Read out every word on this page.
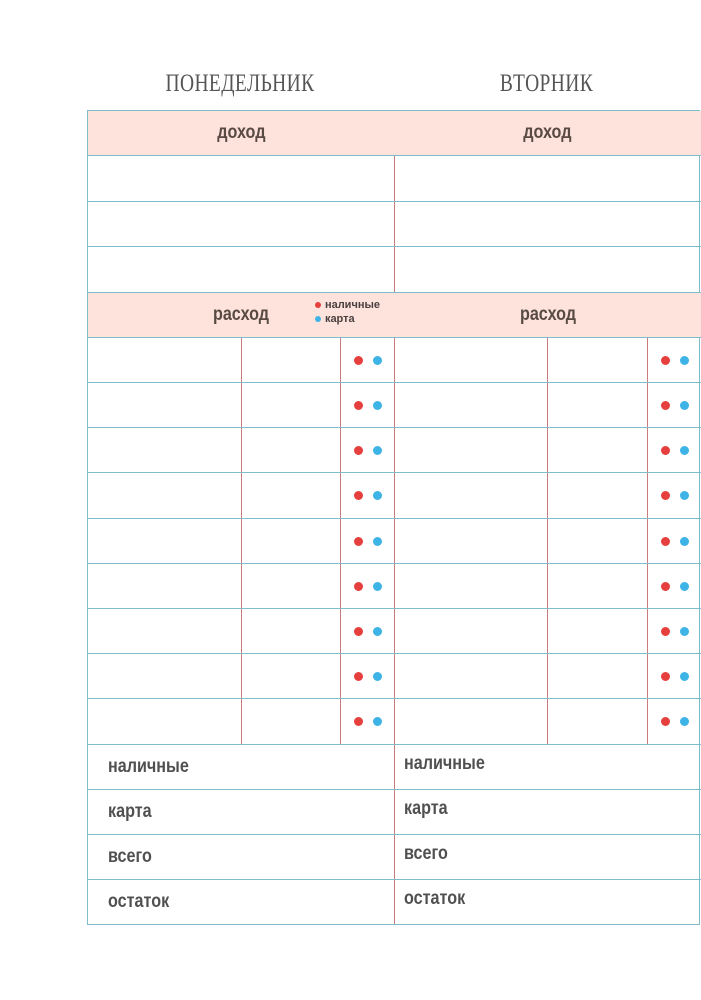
ПОНЕДЕЛЬНИК	ВТОРНИК
доход
расход	наличные
карта
наличные
карта
всего
остаток
доход
расход
наличные
карта
всего
остаток
